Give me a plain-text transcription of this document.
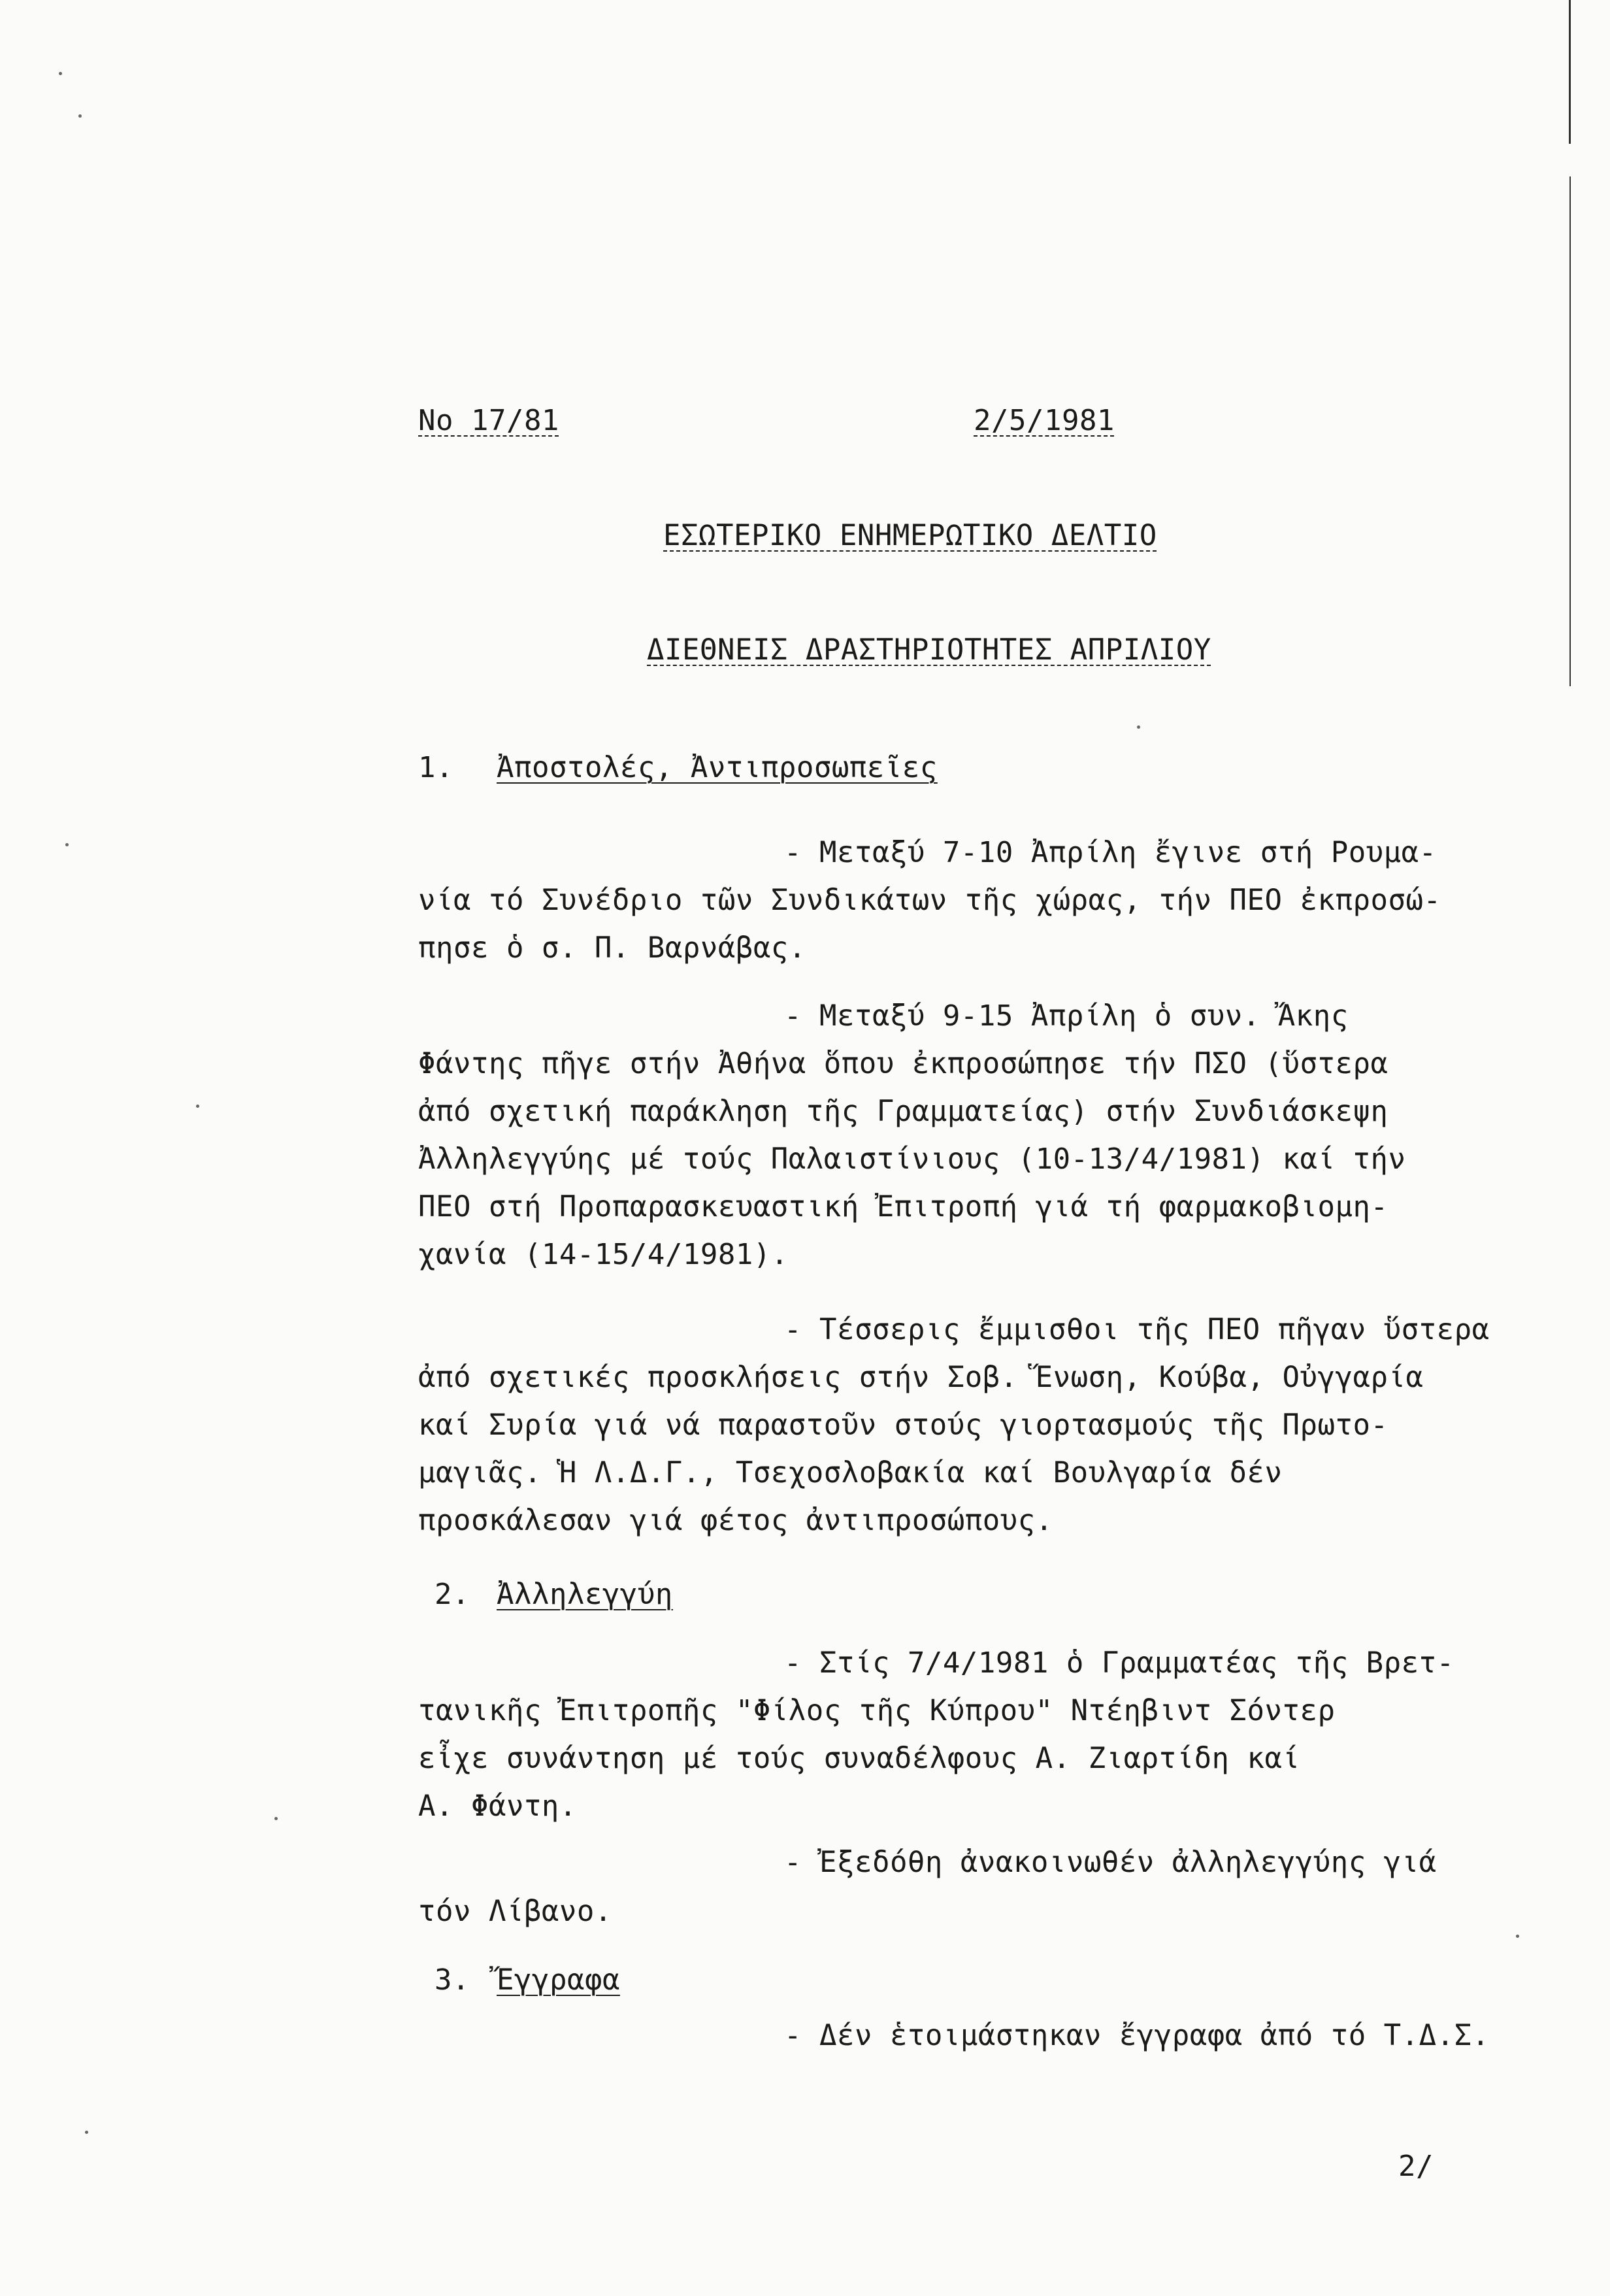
No 17/81	2/5/1981
ΕΣΩΤΕΡΙΚΟ ΕΝΗΜΕΡΩΤΙΚΟ ΔΕΛΤΙΟ
ΔΙΕΘΝΕΙΣ ΔΡΑΣΤΗΡΙΟΤΗΤΕΣ ΑΠΡΙΛΙΟΥ
1. Ἀποστολές, Ἀντιπροσωπεῖες
- Μεταξύ 7-10 Ἀπρίλη ἔγινε στή Ρουμα-
νία τό Συνέδριο τῶν Συνδικάτων τῆς χώρας, τήν ΠΕΟ ἐκπροσώ-
πησε ὁ σ. Π. Βαρνάβας.
- Μεταξύ 9-15 Ἀπρίλη ὁ συν. Ἄκης
Φάντης πῆγε στήν Ἀθήνα ὅπου ἐκπροσώπησε τήν ΠΣΟ (ὕστερα
ἀπό σχετική παράκληση τῆς Γραμματείας) στήν Συνδιάσκεψη
Ἀλληλεγγύης μέ τούς Παλαιστίνιους (10-13/4/1981) καί τήν
ΠΕΟ στή Προπαρασκευαστική Ἐπιτροπή γιά τή φαρμακοβιομη-
χανία (14-15/4/1981).
- Τέσσερις ἔμμισθοι τῆς ΠΕΟ πῆγαν ὕστερα
ἀπό σχετικές προσκλήσεις στήν Σοβ. Ἕνωση, Κούβα, Οὐγγαρία
καί Συρία γιά νά παραστοῦν στούς γιορτασμούς τῆς Πρωτο-
μαγιᾶς. Ἡ Λ.Δ.Γ., Τσεχοσλοβακία καί Βουλγαρία δέν
προσκάλεσαν γιά φέτος ἀντιπροσώπους.
2. Ἀλληλεγγύη
- Στίς 7/4/1981 ὁ Γραμματέας τῆς Βρετ-
τανικῆς Ἐπιτροπῆς "Φίλος τῆς Κύπρου" Ντέηβιντ Σόντερ
εἶχε συνάντηση μέ τούς συναδέλφους Α. Ζιαρτίδη καί
Α. Φάντη.
- Ἐξεδόθη ἀνακοινωθέν ἀλληλεγγύης γιά
τόν Λίβανο.
3. Ἔγγραφα
- Δέν ἑτοιμάστηκαν ἔγγραφα ἀπό τό Τ.Δ.Σ.
2/
